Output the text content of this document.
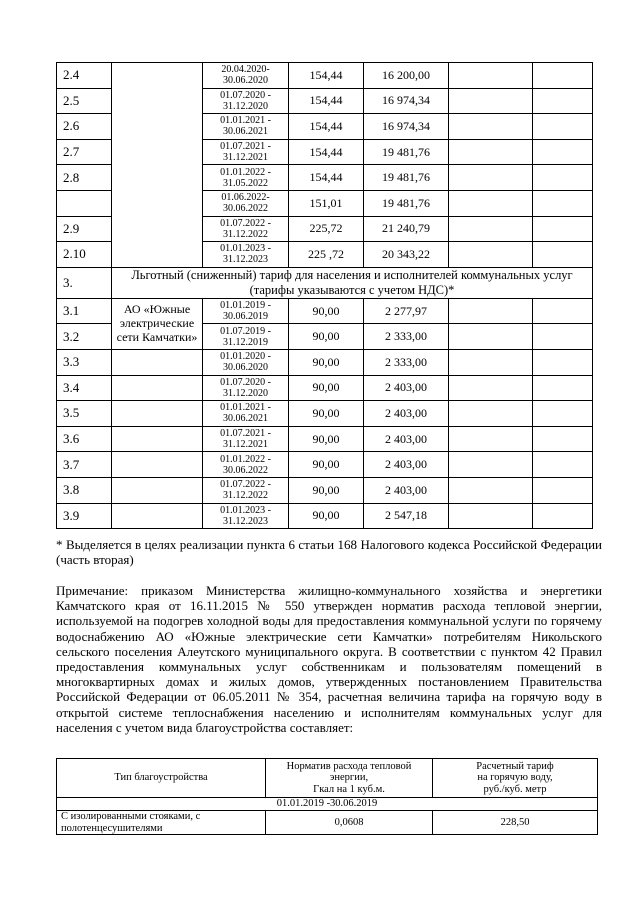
2.4		20.04.2020-
30.06.2020	154,44	16 200,00		
2.5		01.07.2020 -
31.12.2020	154,44	16 974,34		
2.6		01.01.2021 -
30.06.2021	154,44	16 974,34		
2.7		01.07.2021 -
31.12.2021	154,44	19 481,76		
2.8		01.01.2022 -
31.05.2022	154,44	19 481,76		
		01.06.2022-
30.06.2022	151,01	19 481,76		
2.9		01.07.2022 -
31.12.2022	225,72	21 240,79		
2.10		01.01.2023 -
31.12.2023	225 ,72	20 343,22		
3.	Льготный (сниженный) тариф для населения и исполнителей коммунальных услуг
(тарифы указываются с учетом НДС)*					
3.1	АО «Южные
электрические
сети Камчатки»	01.01.2019 -
30.06.2019	90,00	2 277,97		
3.2		01.07.2019 -
31.12.2019	90,00	2 333,00		
3.3		01.01.2020 -
30.06.2020	90,00	2 333,00		
3.4		01.07.2020 -
31.12.2020	90,00	2 403,00		
3.5		01.01.2021 -
30.06.2021	90,00	2 403,00		
3.6		01.07.2021 -
31.12.2021	90,00	2 403,00		
3.7		01.01.2022 -
30.06.2022	90,00	2 403,00		
3.8		01.07.2022 -
31.12.2022	90,00	2 403,00		
3.9		01.01.2023 -
31.12.2023	90,00	2 547,18		

* Выделяется в целях реализации пункта 6 статьи 168 Налогового кодекса Российской Федерации (часть вторая)

Примечание: приказом Министерства жилищно-коммунального хозяйства и энергетики Камчатского края от 16.11.2015 № 550 утвержден норматив расхода тепловой энергии, используемой на подогрев холодной воды для предоставления коммунальной услуги по горячему водоснабжению АО «Южные электрические сети Камчатки» потребителям Никольского сельского поселения Алеутского муниципального округа. В соответствии с пунктом 42 Правил предоставления коммунальных услуг собственникам и пользователям помещений в многоквартирных домах и жилых домов, утвержденных постановлением Правительства Российской Федерации от 06.05.2011 № 354, расчетная величина тарифа на горячую воду в открытой системе теплоснабжения населению и исполнителям коммунальных услуг для населения с учетом вида благоустройства составляет:

Тип благоустройства	Норматив расхода тепловой
энергии,
Гкал на 1 куб.м.	Расчетный тариф
на горячую воду,
руб./куб. метр
01.01.2019 -30.06.2019		
С изолированными стояками, с полотенцесушителями	0,0608	228,50
